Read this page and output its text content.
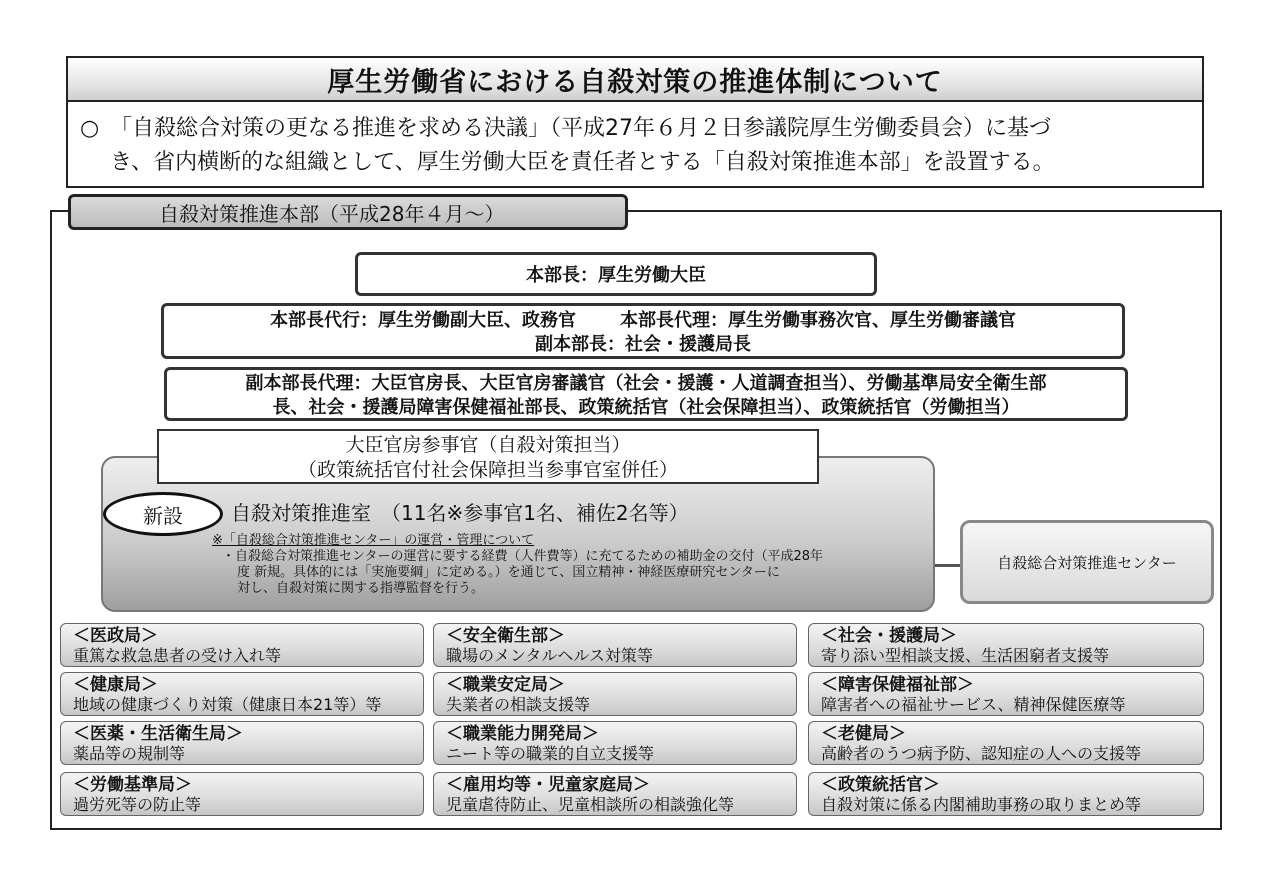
厚生労働省における自殺対策の推進体制について
○ 「自殺総合対策の更なる推進を求める決議」（平成27年６月２日参議院厚生労働委員会）に基づ
き、省内横断的な組織として、厚生労働大臣を責任者とする「自殺対策推進本部」を設置する。
自殺対策推進本部（平成28年４月～）
本部長：厚生労働大臣
本部長代行：厚生労働副大臣、政務官 本部長代理：厚生労働事務次官、厚生労働審議官
副本部長：社会・援護局長
副本部長代理：大臣官房長、大臣官房審議官（社会・援護・人道調査担当）、労働基準局安全衛生部
長、社会・援護局障害保健福祉部長、政策統括官（社会保障担当）、政策統括官（労働担当）
大臣官房参事官（自殺対策担当）
（政策統括官付社会保障担当参事官室併任）
新設	自殺対策推進室　（11名※参事官1名、補佐2名等）
※「自殺総合対策推進センター」の運営・管理について
・自殺総合対策推進センターの運営に要する経費（人件費等）に充てるための補助金の交付（平成28年
度 新規。具体的には「実施要綱」に定める。）を通じて、国立精神・神経医療研究センターに
対し、自殺対策に関する指導監督を行う。
自殺総合対策推進センター
＜医政局＞
重篤な救急患者の受け入れ等
＜安全衛生部＞
職場のメンタルヘルス対策等
＜社会・援護局＞
寄り添い型相談支援、生活困窮者支援等
＜健康局＞
地域の健康づくり対策（健康日本21等）等
＜職業安定局＞
失業者の相談支援等
＜障害保健福祉部＞
障害者への福祉サービス、精神保健医療等
＜医薬・生活衛生局＞
薬品等の規制等
＜職業能力開発局＞
ニート等の職業的自立支援等
＜老健局＞
高齢者のうつ病予防、認知症の人への支援等
＜労働基準局＞
過労死等の防止等
＜雇用均等・児童家庭局＞
児童虐待防止、児童相談所の相談強化等
＜政策統括官＞
自殺対策に係る内閣補助事務の取りまとめ等
